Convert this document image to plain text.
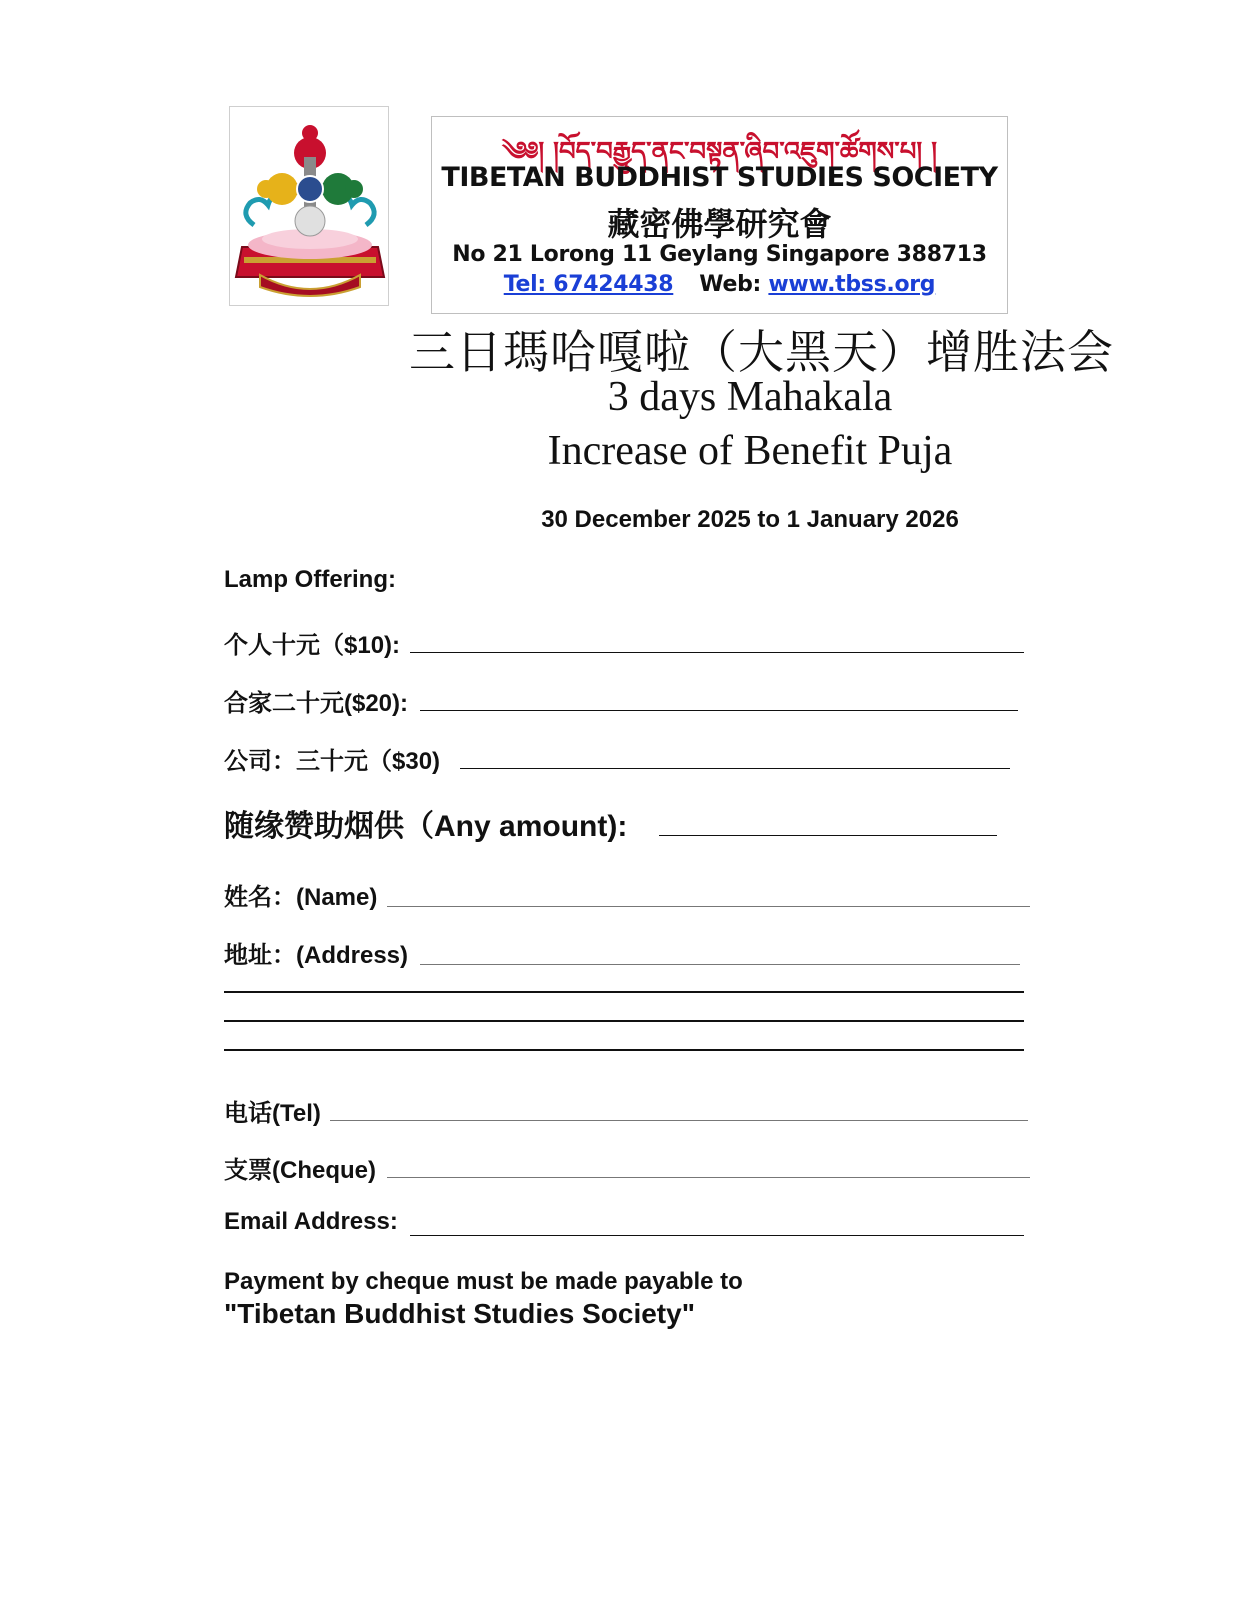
༄༅། །བོད་བརྒྱུད་ནང་བསྟན་ཞིབ་འཇུག་ཚོགས་པ། །
TIBETAN BUDDHIST STUDIES SOCIETY
藏密佛學研究會
No 21 Lorong 11 Geylang Singapore 388713
Tel: 67424438 Web: www.tbss.org
三日瑪哈嘎啦（大黑天）增胜法会
3 days Mahakala
Increase of Benefit Puja
30 December 2025 to 1 January 2026
Lamp Offering:
个人十元（$10):
合家二十元($20):
公司：三十元（$30)
随缘赞助烟供（Any amount):
姓名：(Name)
地址：(Address)
电话(Tel)
支票(Cheque)
Email Address:
Payment by cheque must be made payable to
"Tibetan Buddhist Studies Society"
